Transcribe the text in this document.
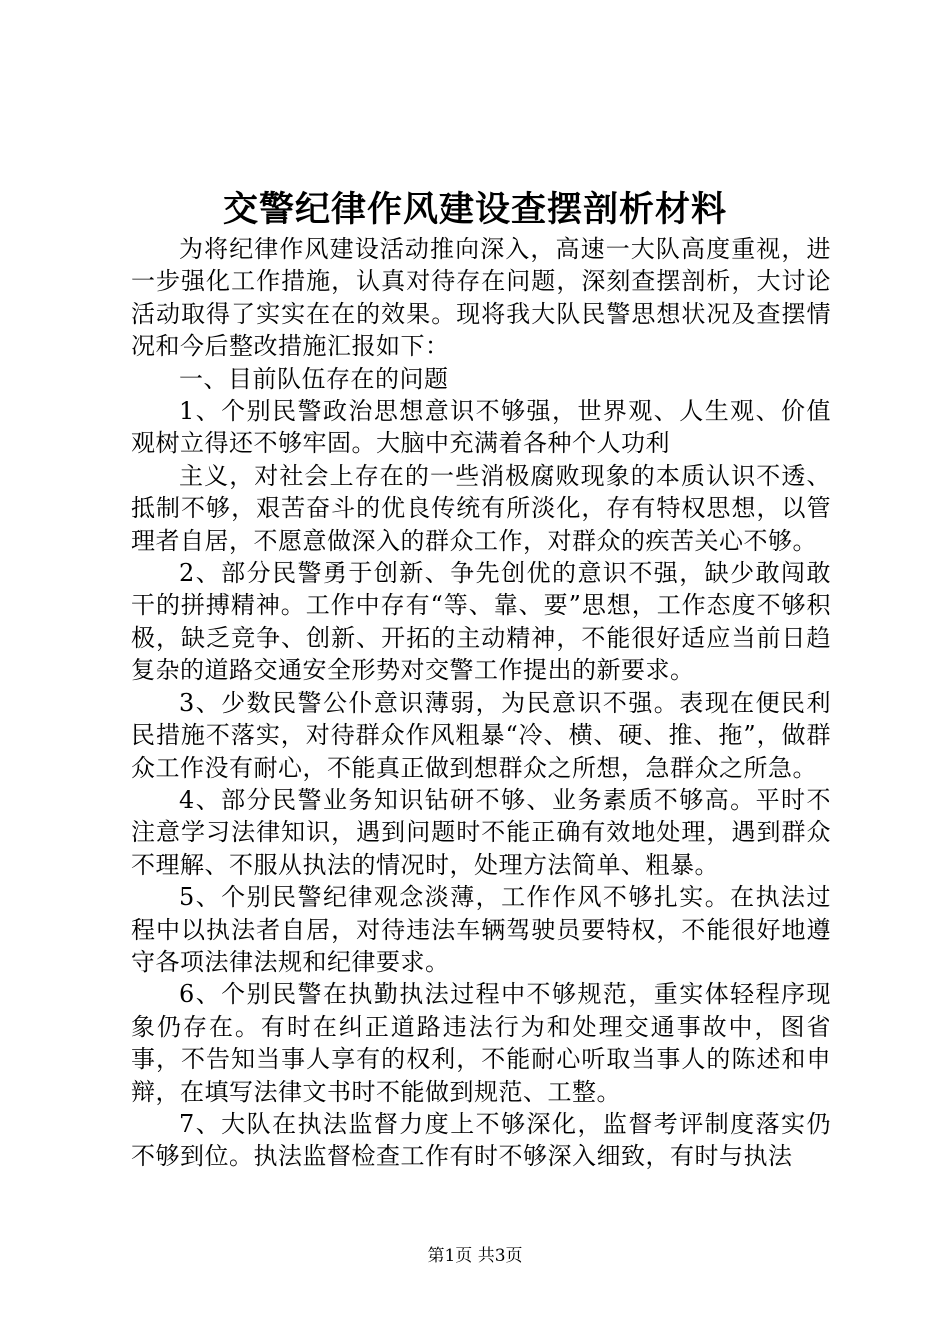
交警纪律作风建设查摆剖析材料

为将纪律作风建设活动推向深入，高速一大队高度重视，进一步强化工作措施，认真对待存在问题，深刻查摆剖析，大讨论活动取得了实实在在的效果。现将我大队民警思想状况及查摆情况和今后整改措施汇报如下：

一、目前队伍存在的问题

1、个别民警政治思想意识不够强，世界观、人生观、价值观树立得还不够牢固。大脑中充满着各种个人功利

主义，对社会上存在的一些消极腐败现象的本质认识不透、抵制不够，艰苦奋斗的优良传统有所淡化，存有特权思想，以管理者自居，不愿意做深入的群众工作，对群众的疾苦关心不够。

2、部分民警勇于创新、争先创优的意识不强，缺少敢闯敢干的拼搏精神。工作中存有“等、靠、要”思想，工作态度不够积极，缺乏竞争、创新、开拓的主动精神，不能很好适应当前日趋复杂的道路交通安全形势对交警工作提出的新要求。

3、少数民警公仆意识薄弱，为民意识不强。表现在便民利民措施不落实，对待群众作风粗暴“冷、横、硬、推、拖”，做群众工作没有耐心，不能真正做到想群众之所想，急群众之所急。

4、部分民警业务知识钻研不够、业务素质不够高。平时不注意学习法律知识，遇到问题时不能正确有效地处理，遇到群众不理解、不服从执法的情况时，处理方法简单、粗暴。

5、个别民警纪律观念淡薄，工作作风不够扎实。在执法过程中以执法者自居，对待违法车辆驾驶员要特权，不能很好地遵守各项法律法规和纪律要求。

6、个别民警在执勤执法过程中不够规范，重实体轻程序现象仍存在。有时在纠正道路违法行为和处理交通事故中，图省事，不告知当事人享有的权利，不能耐心听取当事人的陈述和申辩，在填写法律文书时不能做到规范、工整。

7、大队在执法监督力度上不够深化，监督考评制度落实仍不够到位。执法监督检查工作有时不够深入细致，有时与执法

第1页 共3页
